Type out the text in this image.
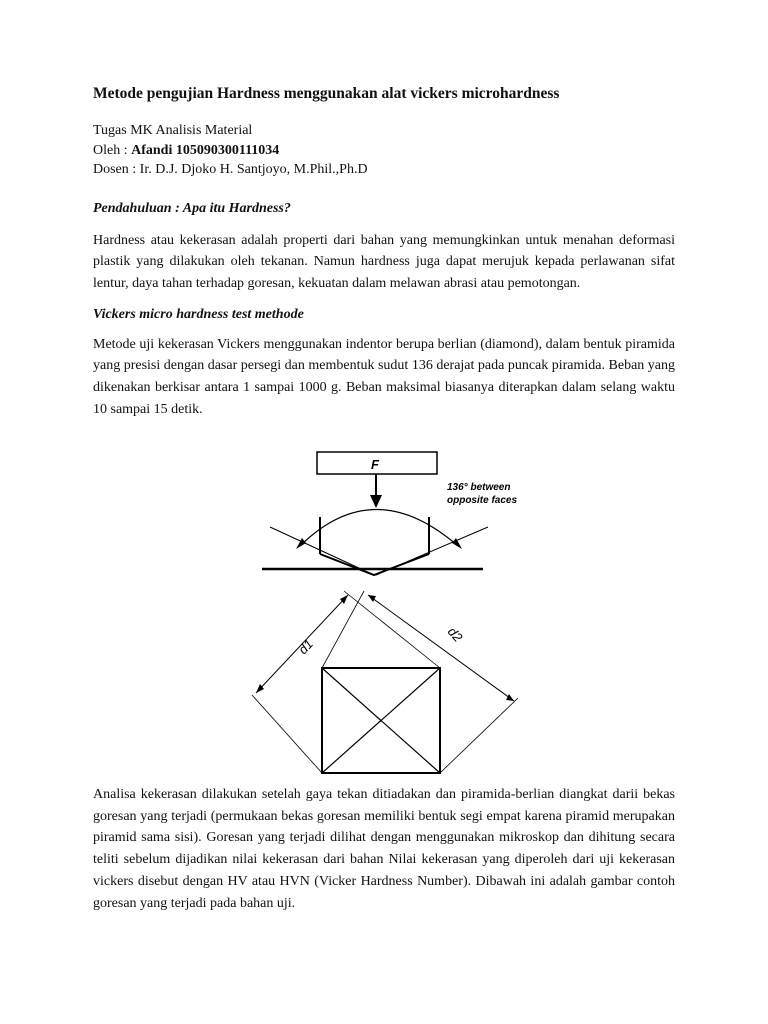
Metode pengujian Hardness menggunakan alat vickers microhardness
Tugas MK Analisis Material
Oleh : Afandi 105090300111034
Dosen : Ir. D.J. Djoko H. Santjoyo, M.Phil.,Ph.D
Pendahuluan : Apa itu Hardness?

Hardness atau kekerasan adalah properti dari bahan yang memungkinkan untuk menahan deformasi plastik yang dilakukan oleh tekanan. Namun hardness juga dapat merujuk kepada perlawanan sifat lentur, daya tahan terhadap goresan, kekuatan dalam melawan abrasi atau pemotongan.

Vickers micro hardness test methode

Metode uji kekerasan Vickers menggunakan indentor berupa berlian (diamond), dalam bentuk piramida yang presisi dengan dasar persegi dan membentuk sudut 136 derajat pada puncak piramida. Beban yang dikenakan berkisar antara 1 sampai 1000 g. Beban maksimal biasanya diterapkan dalam selang waktu 10 sampai 15 detik.

F
136° between
opposite faces
d1
d2

Analisa kekerasan dilakukan setelah gaya tekan ditiadakan dan piramida-berlian diangkat darii bekas goresan yang terjadi (permukaan bekas goresan memiliki bentuk segi empat karena piramid merupakan piramid sama sisi). Goresan yang terjadi dilihat dengan menggunakan mikroskop dan dihitung secara teliti sebelum dijadikan nilai kekerasan dari bahan Nilai kekerasan yang diperoleh dari uji kekerasan vickers disebut dengan HV atau HVN (Vicker Hardness Number). Dibawah ini adalah gambar contoh goresan yang terjadi pada bahan uji.
